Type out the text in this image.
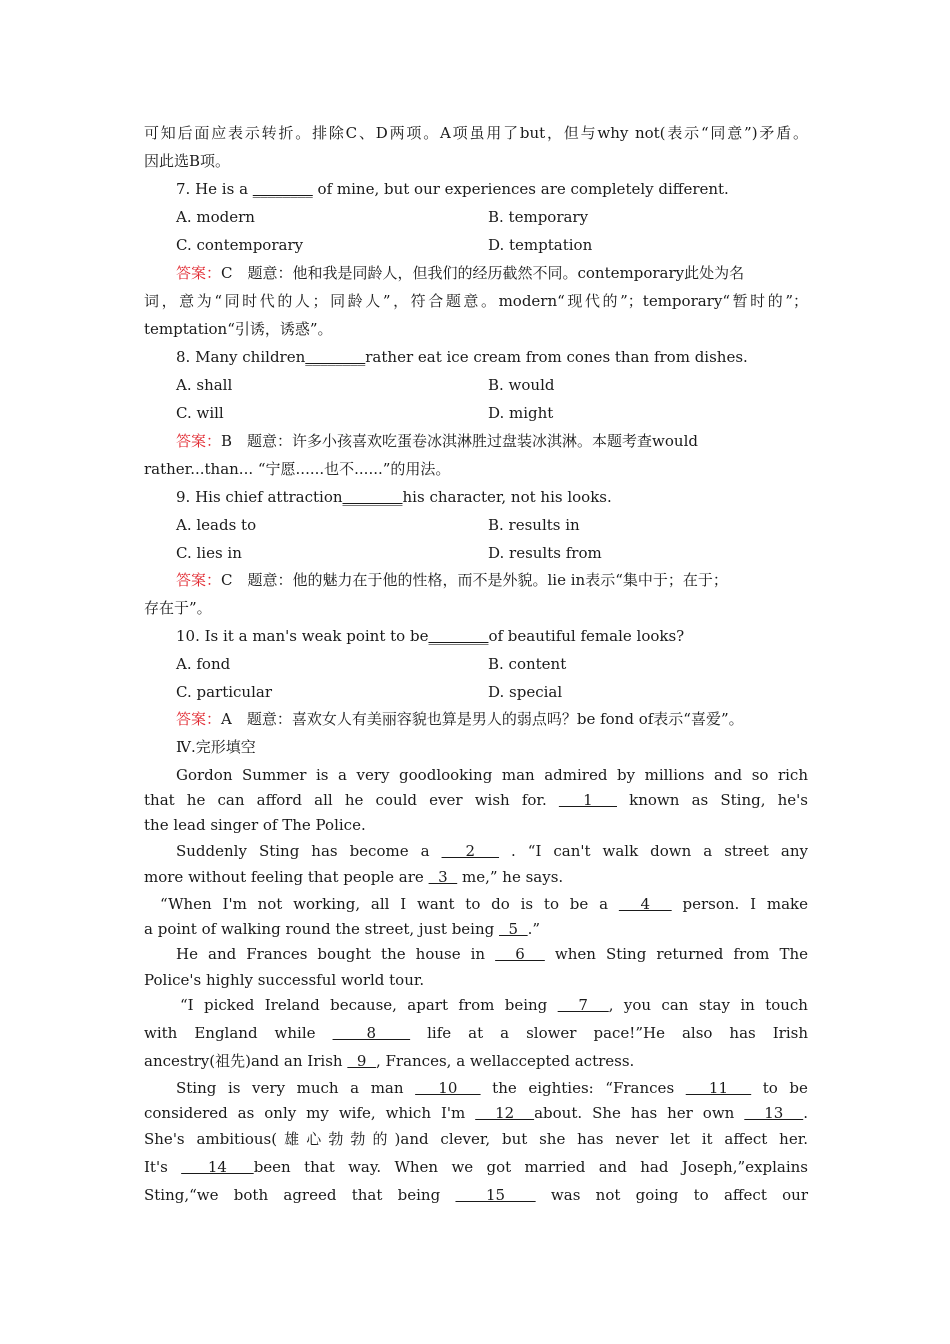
可知后面应表示转折。排除C、D两项。A项虽用了but，但与why not(表示“同意”)矛盾。
因此选B项。
7. He is a ________ of mine, but our experiences are completely different.
A. modern	B. temporary
C. contemporary	D. temptation
答案：C　题意：他和我是同龄人，但我们的经历截然不同。contemporary此处为名
词，意为“同时代的人；同龄人”，符合题意。modern“现代的”；temporary“暂时的”；
temptation“引诱，诱惑”。
8. Many children________rather eat ice cream from cones than from dishes.
A. shall	B. would
C. will	D. might
答案：B　题意：许多小孩喜欢吃蛋卷冰淇淋胜过盘装冰淇淋。本题考查would
rather...than... “宁愿......也不......”的用法。
9. His chief attraction________his character, not his looks.
A. leads to	B. results in
C. lies in	D. results from
答案：C　题意：他的魅力在于他的性格，而不是外貌。lie in表示“集中于；在于；
存在于”。
10. Is it a man's weak point to be________of beautiful female looks?
A. fond	B. content
C. particular	D. special
答案：A　题意：喜欢女人有美丽容貌也算是男人的弱点吗？be fond of表示“喜爱”。
Ⅳ.完形填空
Gordon Summer is a very goodlooking man admired by millions and so rich
that he can afford all he could ever wish for.   1   known as Sting, he's
the lead singer of The Police.
Suddenly Sting has become a   2   . “I can't walk down a street any
more without feeling that people are   3   me,” he says.
“When I'm not working, all I want to do is to be a   4   person. I make
a point of walking round the street, just being   5  .”
He and Frances bought the house in   6   when Sting returned from The
Police's highly successful world tour.
“I picked Ireland because, apart from being   7  , you can stay in touch
with England while   8   life at a slower pace!”He also has Irish
ancestry(祖先)and an Irish   9  , Frances, a wellaccepted actress.
Sting is very much a man   10   the eighties: “Frances   11   to be
considered as only my wife, which I'm   12  about. She has her own   13  .
She's ambitious(雄心勃勃的)and clever, but she has never let it affect her.
It's   14  been that way. When we got married and had Joseph,”explains
Sting,“we both agreed that being   15   was not going to affect our
